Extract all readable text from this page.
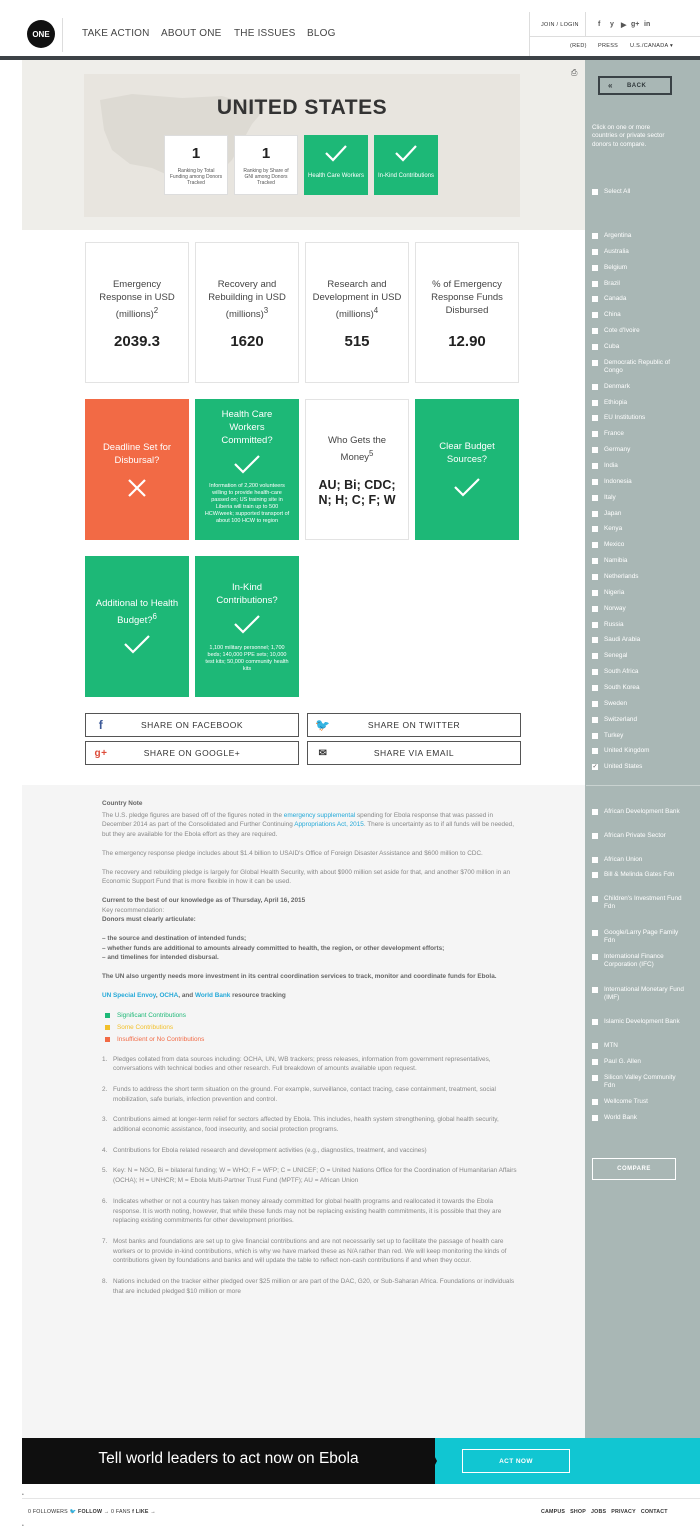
ONE	TAKE ACTION ABOUT ONE THE ISSUES BLOG
JOIN / LOGIN	f y ▶ g+ in
(RED) PRESS U.S./CANADA ▾
UNITED STATES
1
Ranking by Total Funding among Donors Tracked
1
Ranking by Share of GNI among Donors Tracked
Health Care Workers	In-Kind Contributions
⎙
Emergency Response in USD (millions)$^2$
2039.3
Recovery and Rebuilding in USD (millions)$^3$
1620
Research and Development in USD (millions)$^4$
515
% of Emergency Response Funds Disbursed
12.90
Deadline Set for Disbursal?
Health Care Workers Committed?
Information of 2,200 volunteers willing to provide health-care passed on; US training site in Liberia will train up to 500 HCW/week; supported transport of about 100 HCW to region
Who Gets the Money$^5$
AU; Bi; CDC; N; H; C; F; W
Clear Budget Sources?
Additional to Health Budget?$^6$
In-Kind Contributions?
1,100 military personnel; 1,700 beds; 140,000 PPE sets; 10,000 test kits; 50,000 community health kits
f	SHARE ON FACEBOOK	🐦	SHARE ON TWITTER
g+	SHARE ON GOOGLE+	✉	SHARE VIA EMAIL
« BACK
Click on one or more countries or private sector donors to compare.
Select All
Argentina
Australia
Belgium
Brazil
Canada
China
Cote d'Ivoire
Cuba
Democratic Republic of Congo
Denmark
Ethiopia
EU Institutions
France
Germany
India
Indonesia
Italy
Japan
Kenya
Mexico
Namibia
Netherlands
Nigeria
Norway
Russia
Saudi Arabia
Senegal
South Africa
South Korea
Sweden
Switzerland
Turkey
United Kingdom
✓ United States
African Development Bank
African Private Sector
African Union
Bill & Melinda Gates Fdn
Children's Investment Fund Fdn
Google/Larry Page Family Fdn
International Finance Corporation (IFC)
International Monetary Fund (IMF)
Islamic Development Bank
MTN
Paul G. Allen
Silicon Valley Community Fdn
Wellcome Trust
World Bank
COMPARE

Country Note

The U.S. pledge figures are based off of the figures noted in the emergency supplemental spending for Ebola response that was passed in December 2014 as part of the Consolidated and Further Continuing Appropriations Act, 2015. There is uncertainty as to if all funds will be needed, but they are available for the Ebola effort as they are required.

The emergency response pledge includes about $1.4 billion to USAID's Office of Foreign Disaster Assistance and $600 million to CDC.

The recovery and rebuilding pledge is largely for Global Health Security, with about $900 million set aside for that, and another $700 million in an Economic Support Fund that is more flexible in how it can be used.

Current to the best of our knowledge as of Thursday, April 16, 2015

Key recommendation:

Donors must clearly articulate:

– the source and destination of intended funds;

– whether funds are additional to amounts already committed to health, the region, or other development efforts;

– and timelines for intended disbursal.

The UN also urgently needs more investment in its central coordination services to track, monitor and coordinate funds for Ebola.

UN Special Envoy, OCHA, and World Bank resource tracking

Significant Contributions
Some Contributions
Insufficient or No Contributions
1. Pledges collated from data sources including: OCHA, UN, WB trackers; press releases, information from government representatives, conversations with technical bodies and other research. Full breakdown of amounts available upon request.
2. Funds to address the short term situation on the ground. For example, surveillance, contact tracing, case containment, treatment, social mobilization, safe burials, infection prevention and control.
3. Contributions aimed at longer-term relief for sectors affected by Ebola. This includes, health system strengthening, global health security, additional economic assistance, food insecurity, and social protection programs.
4. Contributions for Ebola related research and development activities (e.g., diagnostics, treatment, and vaccines)
5. Key: N = NGO, Bi = bilateral funding; W = WHO; F = WFP; C = UNICEF; O = United Nations Office for the Coordination of Humanitarian Affairs (OCHA); H = UNHCR; M = Ebola Multi-Partner Trust Fund (MPTF); AU = African Union
6. Indicates whether or not a country has taken money already committed for global health programs and reallocated it towards the Ebola response. It is worth noting, however, that while these funds may not be replacing existing health commitments, it is possible that they are replacing existing commitments for other development priorities.
7. Most banks and foundations are set up to give financial contributions and are not necessarily set up to facilitate the passage of health care workers or to provide in-kind contributions, which is why we have marked these as N/A rather than red. We will keep monitoring the kinds of contributions given by foundations and banks and will update the table to reflect non-cash contributions if and when they occur.
8. Nations included on the tracker either pledged over $25 million or are part of the DAC, G20, or Sub-Saharan Africa. Foundations or individuals that are included pledged $10 million or more
Tell world leaders to act now on Ebola	ACT NOW
•
0 FOLLOWERS 🐦 FOLLOW → 0 FANS f LIKE →	CAMPUS SHOP JOBS PRIVACY CONTACT
•
